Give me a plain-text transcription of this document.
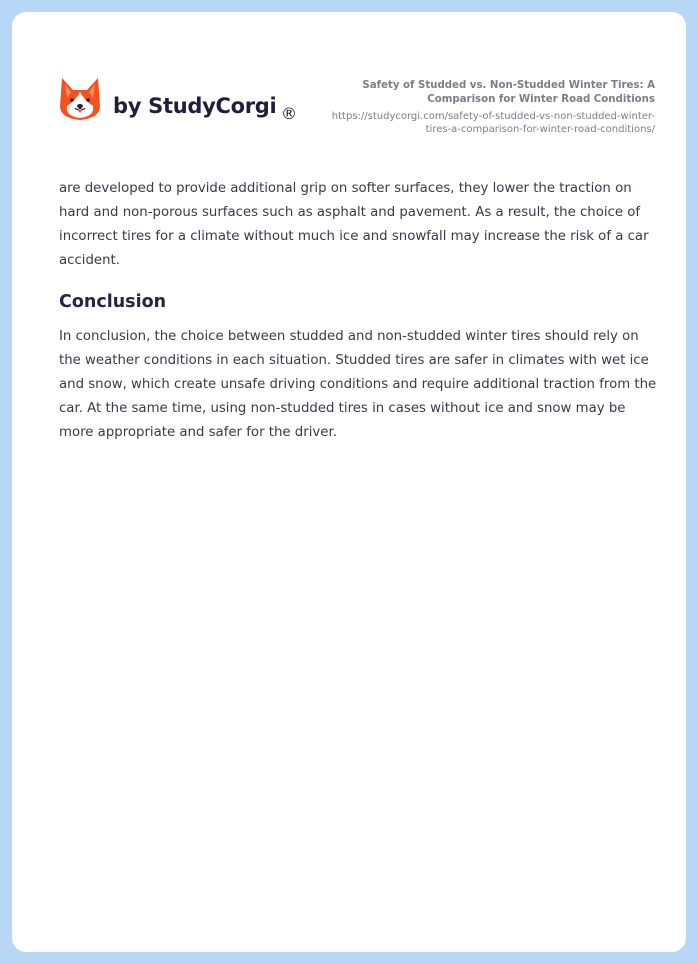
by StudyCorgi ®
Safety of Studded vs. Non-Studded Winter Tires: A Comparison for Winter Road Conditions
https://studycorgi.com/safety-of-studded-vs-non-studded-winter-tires-a-comparison-for-winter-road-conditions/

are developed to provide additional grip on softer surfaces, they lower the traction on hard and non-porous surfaces such as asphalt and pavement. As a result, the choice of incorrect tires for a climate without much ice and snowfall may increase the risk of a car accident.

Conclusion

In conclusion, the choice between studded and non-studded winter tires should rely on the weather conditions in each situation. Studded tires are safer in climates with wet ice and snow, which create unsafe driving conditions and require additional traction from the car. At the same time, using non-studded tires in cases without ice and snow may be more appropriate and safer for the driver.
